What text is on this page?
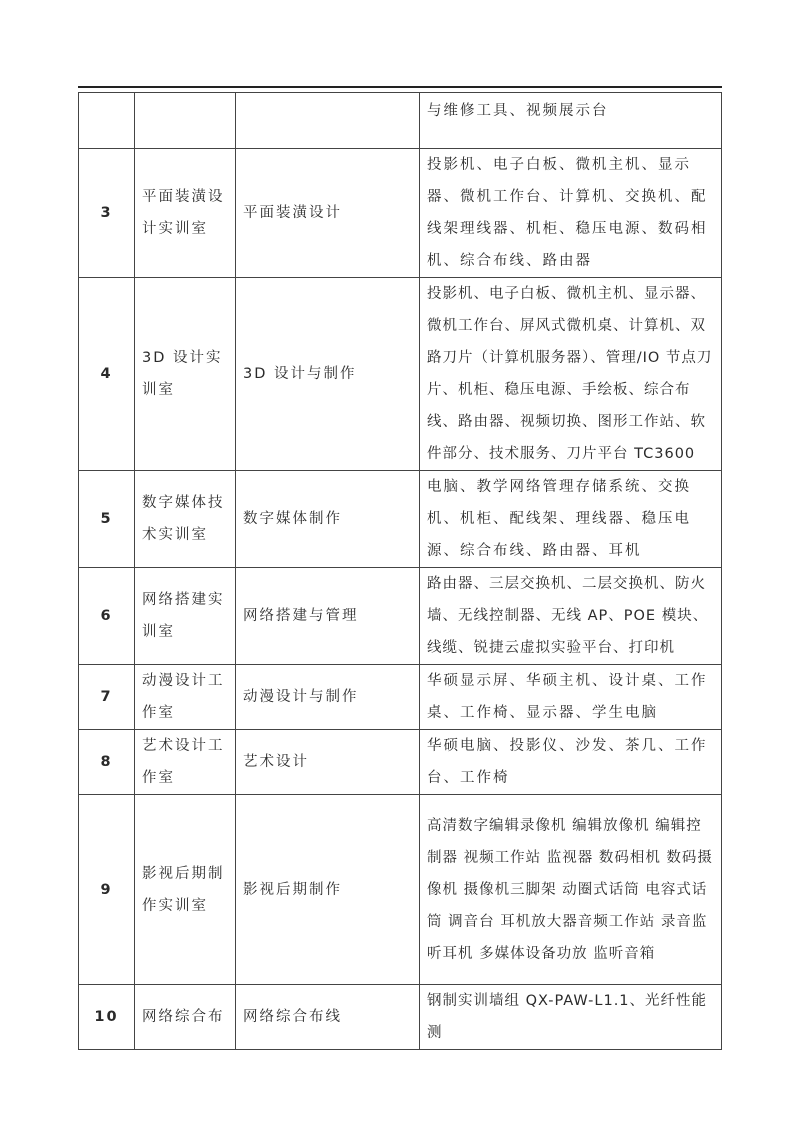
			与维修工具、视频展示台
3	平面装潢设计实训室	平面装潢设计	投影机、电子白板、微机主机、显示器、微机工作台、计算机、交换机、配线架理线器、机柜、稳压电源、数码相机、综合布线、路由器
4	3D 设计实训室	3D 设计与制作	投影机、电子白板、微机主机、显示器、微机工作台、屏风式微机桌、计算机、双路刀片（计算机服务器）、管理/IO 节点刀片、机柜、稳压电源、手绘板、综合布线、路由器、视频切换、图形工作站、软件部分、技术服务、刀片平台 TC3600
5	数字媒体技术实训室	数字媒体制作	电脑、教学网络管理存储系统、交换机、机柜、配线架、理线器、稳压电源、综合布线、路由器、耳机
6	网络搭建实训室	网络搭建与管理	路由器、三层交换机、二层交换机、防火墙、无线控制器、无线 AP、POE 模块、线缆、锐捷云虚拟实验平台、打印机
7	动漫设计工作室	动漫设计与制作	华硕显示屏、华硕主机、设计桌、工作桌、工作椅、显示器、学生电脑
8	艺术设计工作室	艺术设计	华硕电脑、投影仪、沙发、茶几、工作台、工作椅
9	影视后期制作实训室	影视后期制作	高清数字编辑录像机 编辑放像机 编辑控制器 视频工作站 监视器 数码相机 数码摄像机 摄像机三脚架 动圈式话筒 电容式话筒 调音台 耳机放大器音频工作站 录音监听耳机 多媒体设备功放 监听音箱
10	网络综合布	网络综合布线	钢制实训墙组 QX-PAW-L1.1、光纤性能测
